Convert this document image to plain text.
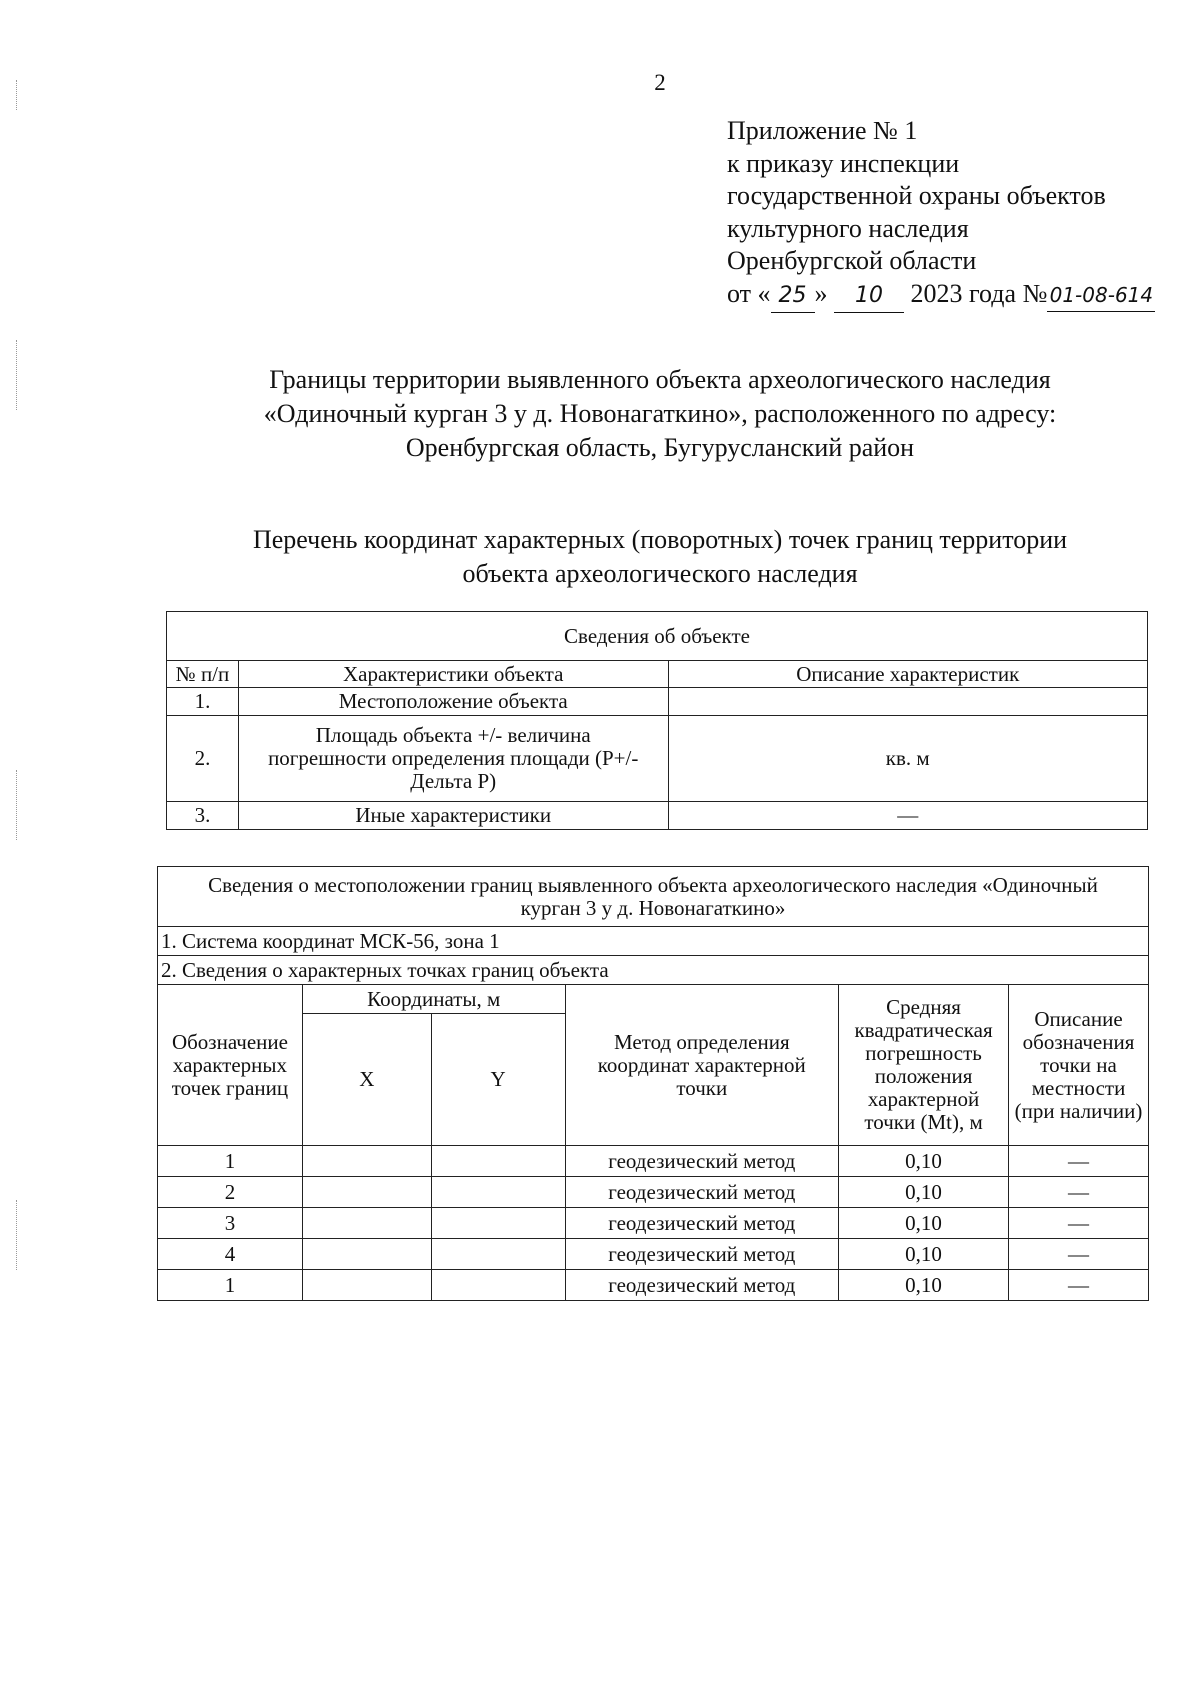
2
Приложение № 1
к приказу инспекции
государственной охраны объектов
культурного наследия
Оренбургской области
от « 25 » 10 2023 года № 01-08-614
Границы территории выявленного объекта археологического наследия
«Одиночный курган 3 у д. Новонагаткино», расположенного по адресу:
Оренбургская область, Бугурусланский район
Перечень координат характерных (поворотных) точек границ территории
объекта археологического наследия
Сведения об объекте		
№ п/п	Характеристики объекта	Описание характеристик
1.	Местоположение объекта	
2.	Площадь объекта +/- величина погрешности определения площади (Р+/- Дельта Р)	кв. м
3.	Иные характеристики	—
Сведения о местоположении границ выявленного объекта археологического наследия «Одиночный курган 3 у д. Новонагаткино»					
1. Система координат МСК-56, зона 1					
2. Сведения о характерных точках границ объекта					
Обозначение характерных точек границ	Координаты, м		Метод определения координат характерной точки	Средняя квадратическая погрешность положения характерной точки (Mt), м	Описание обозначения точки на местности (при наличии)
	X	Y			
1			геодезический метод	0,10	—
2			геодезический метод	0,10	—
3			геодезический метод	0,10	—
4			геодезический метод	0,10	—
1			геодезический метод	0,10	—
